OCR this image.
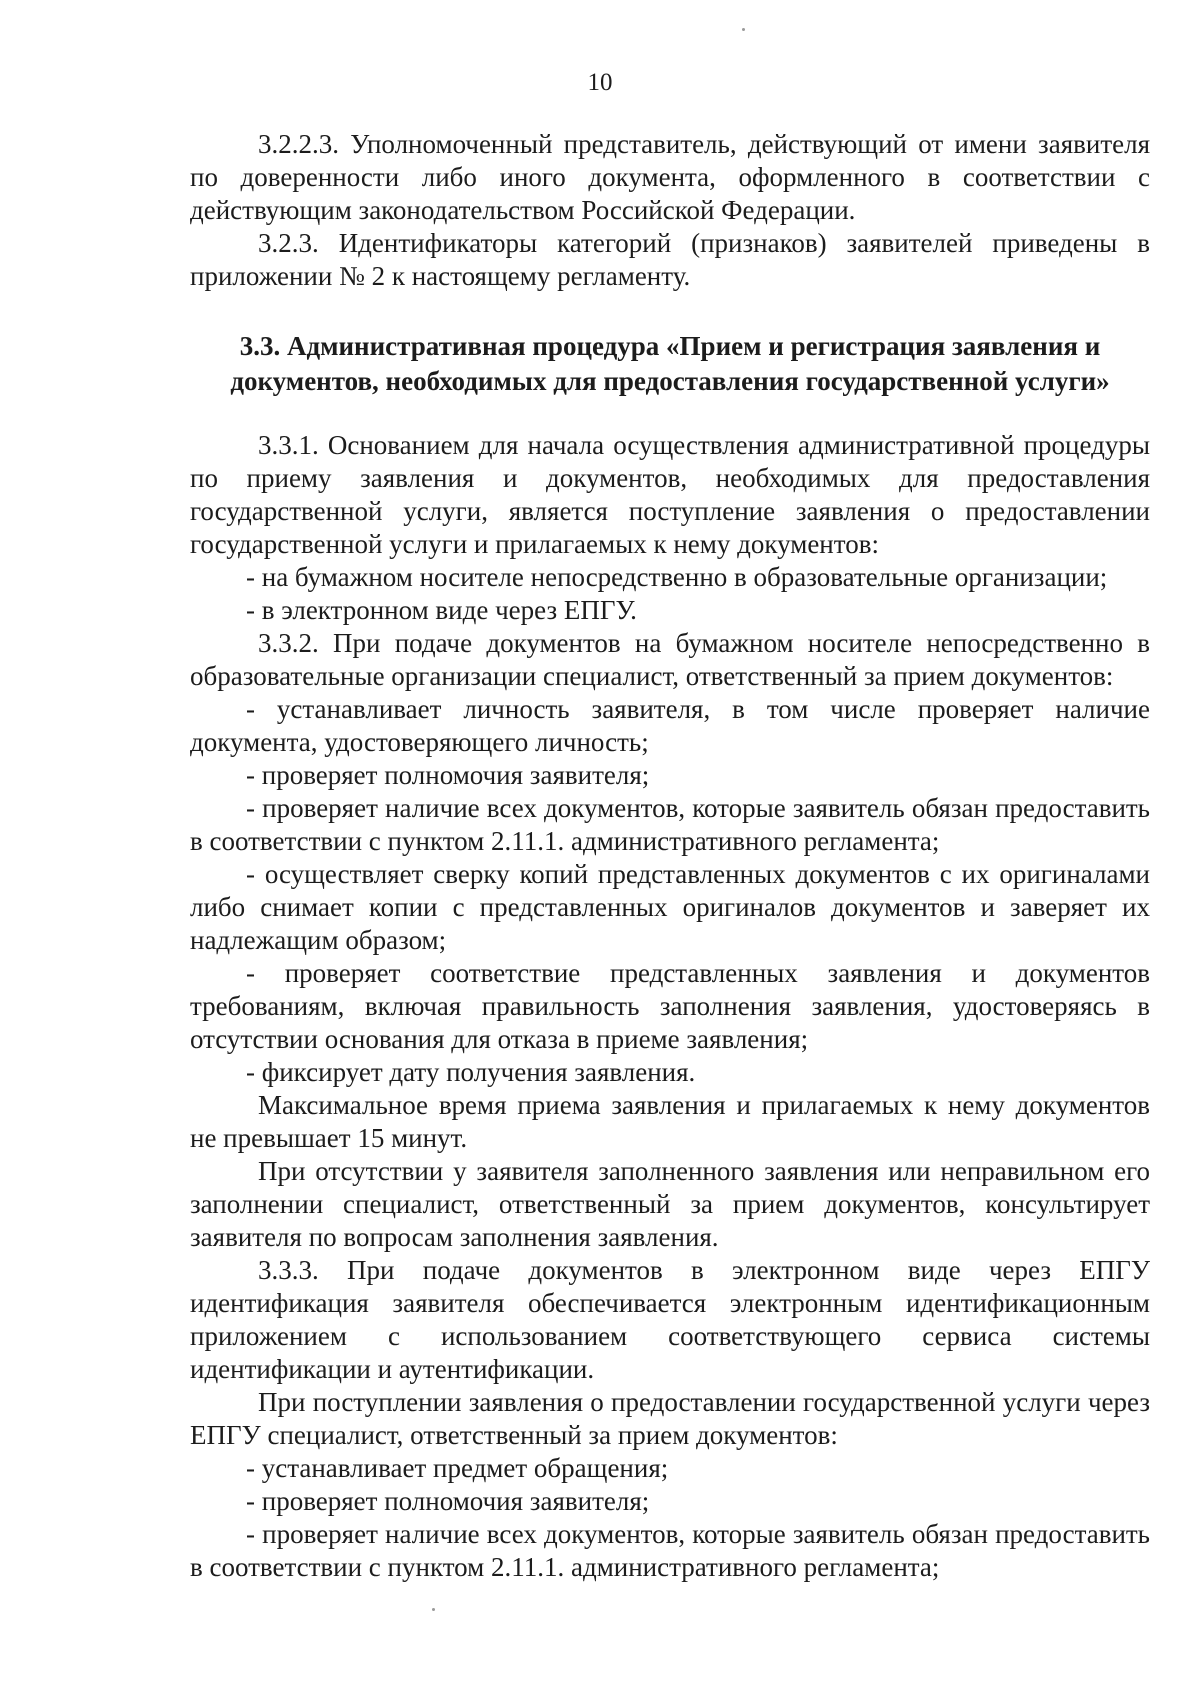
10

3.2.2.3. Уполномоченный представитель, действующий от имени заявителя по доверенности либо иного документа, оформленного в соответствии с действующим законодательством Российской Федерации.

3.2.3. Идентификаторы категорий (признаков) заявителей приведены в приложении № 2 к настоящему регламенту.

3.3. Административная процедура «Прием и регистрация заявления и
документов, необходимых для предоставления государственной услуги»

3.3.1. Основанием для начала осуществления административной процедуры по приему заявления и документов, необходимых для предоставления государственной услуги, является поступление заявления о предоставлении государственной услуги и прилагаемых к нему документов:

- на бумажном носителе непосредственно в образовательные организации;

- в электронном виде через ЕПГУ.

3.3.2. При подаче документов на бумажном носителе непосредственно в образовательные организации специалист, ответственный за прием документов:

- устанавливает личность заявителя, в том числе проверяет наличие документа, удостоверяющего личность;

- проверяет полномочия заявителя;

- проверяет наличие всех документов, которые заявитель обязан предоставить в соответствии с пунктом 2.11.1. административного регламента;

- осуществляет сверку копий представленных документов с их оригиналами либо снимает копии с представленных оригиналов документов и заверяет их надлежащим образом;

- проверяет соответствие представленных заявления и документов требованиям, включая правильность заполнения заявления, удостоверяясь в отсутствии основания для отказа в приеме заявления;

- фиксирует дату получения заявления.

Максимальное время приема заявления и прилагаемых к нему документов не превышает 15 минут.

При отсутствии у заявителя заполненного заявления или неправильном его заполнении специалист, ответственный за прием документов, консультирует заявителя по вопросам заполнения заявления.

3.3.3. При подаче документов в электронном виде через ЕПГУ идентификация заявителя обеспечивается электронным идентификационным приложением с использованием соответствующего сервиса системы идентификации и аутентификации.

При поступлении заявления о предоставлении государственной услуги через ЕПГУ специалист, ответственный за прием документов:

- устанавливает предмет обращения;

- проверяет полномочия заявителя;

- проверяет наличие всех документов, которые заявитель обязан предоставить в соответствии с пунктом 2.11.1. административного регламента;
